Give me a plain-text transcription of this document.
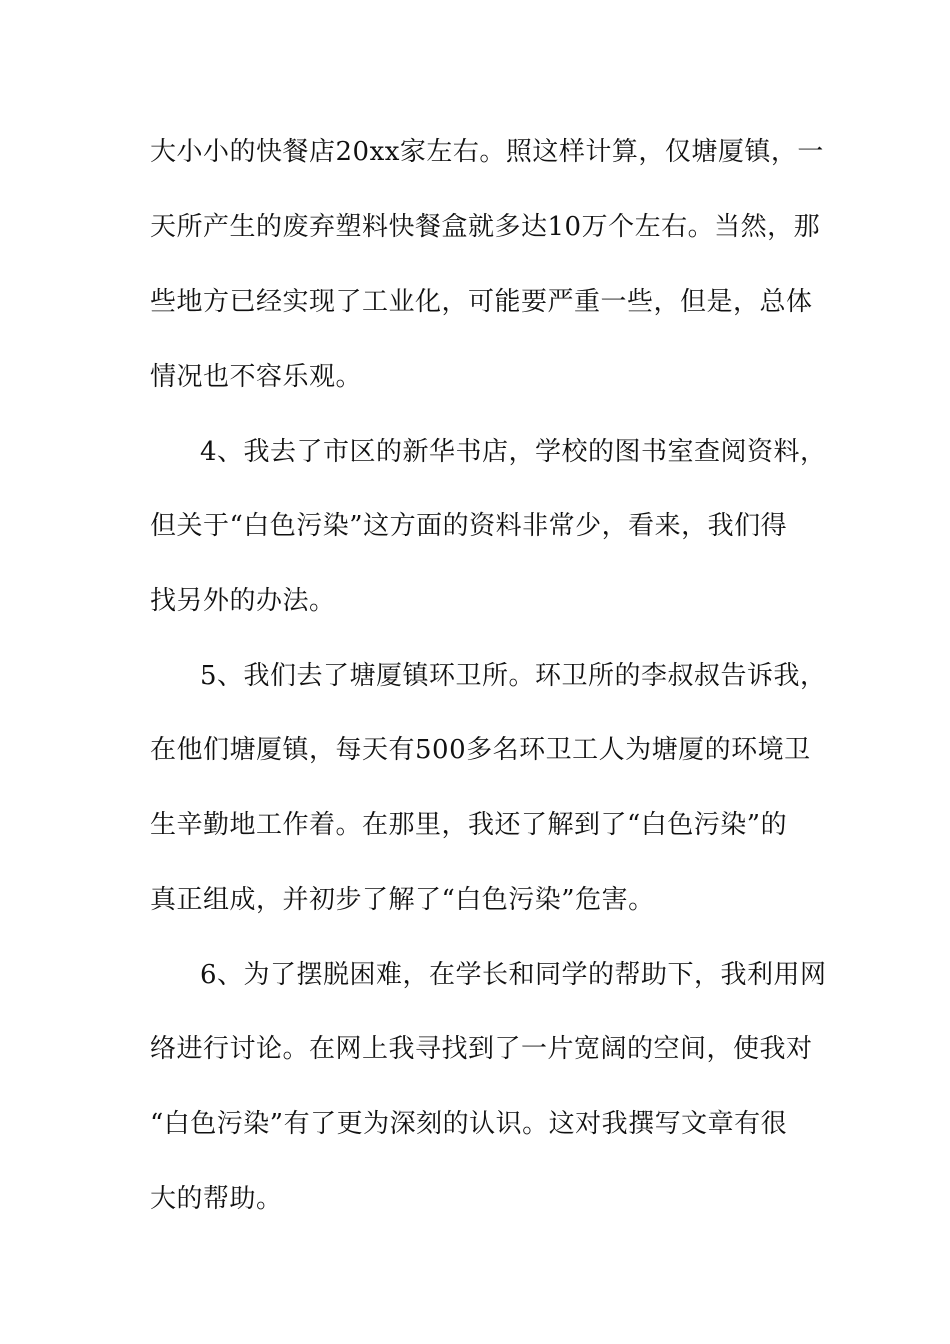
大小小的快餐店20xx家左右。照这样计算，仅塘厦镇，一
天所产生的废弃塑料快餐盒就多达10万个左右。当然，那
些地方已经实现了工业化，可能要严重一些，但是，总体
情况也不容乐观。
4、我去了市区的新华书店，学校的图书室查阅资料，
但关于“白色污染”这方面的资料非常少，看来，我们得
找另外的办法。
5、我们去了塘厦镇环卫所。环卫所的李叔叔告诉我，
在他们塘厦镇，每天有500多名环卫工人为塘厦的环境卫
生辛勤地工作着。在那里，我还了解到了“白色污染”的
真正组成，并初步了解了“白色污染”危害。
6、为了摆脱困难，在学长和同学的帮助下，我利用网
络进行讨论。在网上我寻找到了一片宽阔的空间，使我对
“白色污染”有了更为深刻的认识。这对我撰写文章有很
大的帮助。
